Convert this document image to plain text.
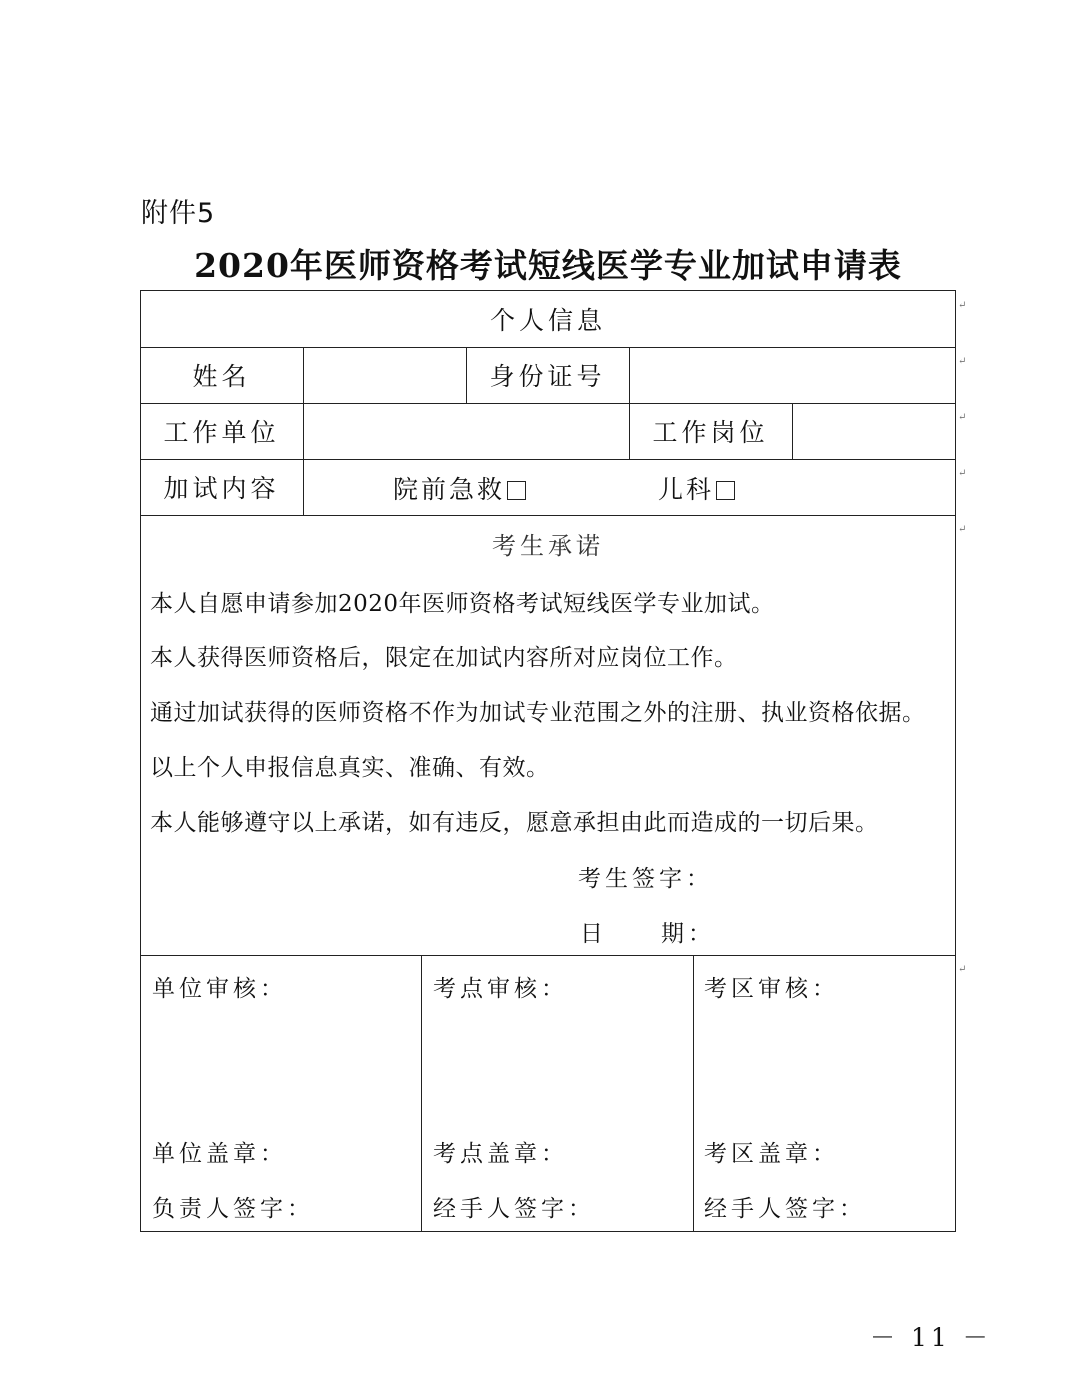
附件5
2020年医师资格考试短线医学专业加试申请表
个人信息
姓名	身份证号
工作单位	工作岗位
加试内容	院前急救	儿科
考生承诺
本人自愿申请参加2020年医师资格考试短线医学专业加试。
本人获得医师资格后，限定在加试内容所对应岗位工作。
通过加试获得的医师资格不作为加试专业范围之外的注册、执业资格依据。
以上个人申报信息真实、准确、有效。
本人能够遵守以上承诺，如有违反，愿意承担由此而造成的一切后果。
考生签字：
日　　期：
单位审核：
单位盖章：
负责人签字：
考点审核：
考点盖章：
经手人签字：
考区审核：
考区盖章：
经手人签字：
↵
↵
↵
↵
↵
↵
－ 11 －
